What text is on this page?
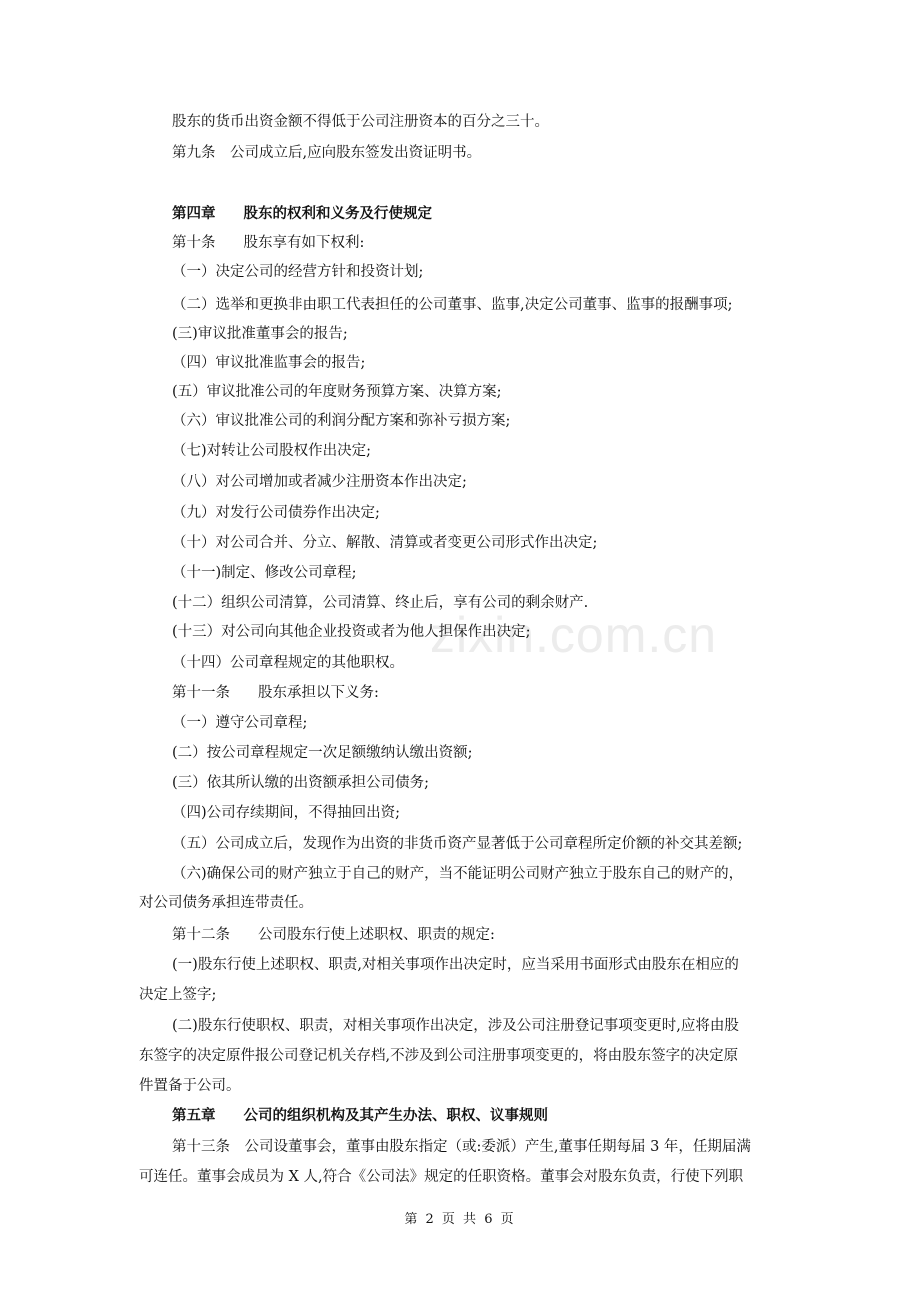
zixin.com.cn
股东的货币出资金额不得低于公司注册资本的百分之三十。
第九条　公司成立后,应向股东签发出资证明书。
第四章 股东的权利和义务及行使规定
第十条 股东享有如下权利:
（一）决定公司的经营方针和投资计划;
（二）选举和更换非由职工代表担任的公司董事、监事,决定公司董事、监事的报酬事项;
(三)审议批准董事会的报告;
（四）审议批准监事会的报告;
(五）审议批准公司的年度财务预算方案、决算方案;
（六）审议批准公司的利润分配方案和弥补亏损方案;
（七)对转让公司股权作出决定;
（八）对公司增加或者减少注册资本作出决定;
（九）对发行公司债券作出决定;
（十）对公司合并、分立、解散、清算或者变更公司形式作出决定;
（十一)制定、修改公司章程;
(十二）组织公司清算，公司清算、终止后，享有公司的剩余财产.
(十三）对公司向其他企业投资或者为他人担保作出决定;
（十四）公司章程规定的其他职权。
第十一条 股东承担以下义务:
（一）遵守公司章程;
(二）按公司章程规定一次足额缴纳认缴出资额;
(三）依其所认缴的出资额承担公司债务;
（四)公司存续期间，不得抽回出资;
（五）公司成立后，发现作为出资的非货币资产显著低于公司章程所定价额的补交其差额;
（六)确保公司的财产独立于自己的财产，当不能证明公司财产独立于股东自己的财产的，
对公司债务承担连带责任。
第十二条 公司股东行使上述职权、职责的规定:
(一)股东行使上述职权、职责,对相关事项作出决定时，应当采用书面形式由股东在相应的
决定上签字;
(二)股东行使职权、职责，对相关事项作出决定，涉及公司注册登记事项变更时,应将由股
东签字的决定原件报公司登记机关存档,不涉及到公司注册事项变更的，将由股东签字的决定原
件置备于公司。
第五章 公司的组织机构及其产生办法、职权、议事规则
第十三条　公司设董事会，董事由股东指定（或:委派）产生,董事任期每届 3 年，任期届满
可连任。董事会成员为 X 人,符合《公司法》规定的任职资格。董事会对股东负责，行使下列职
第 2 页 共 6 页
